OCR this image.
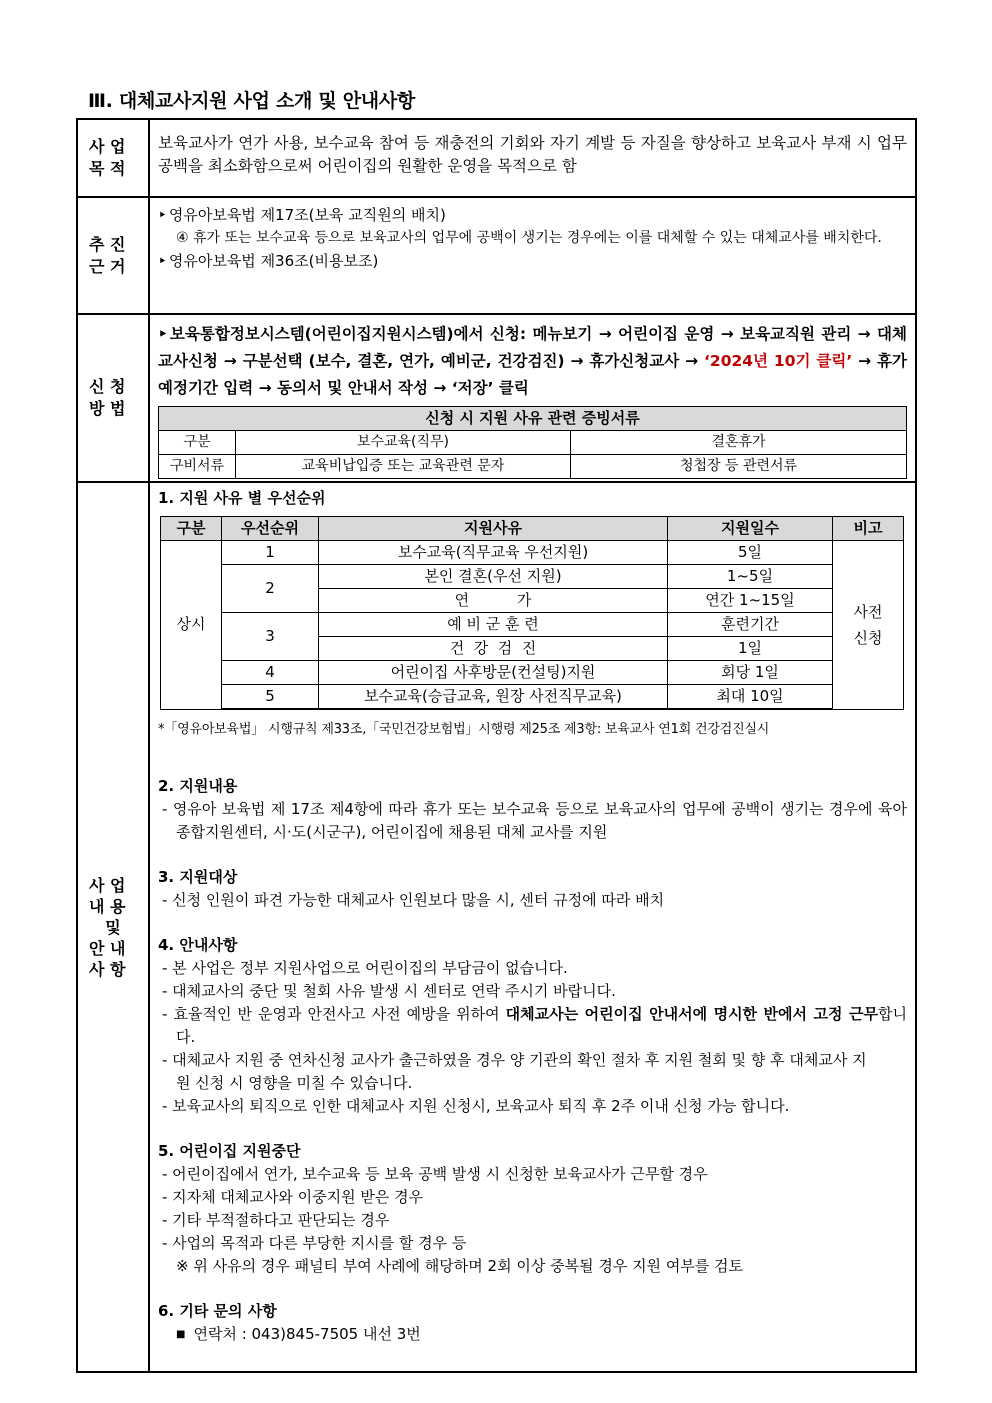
Ⅲ. 대체교사지원 사업 소개 및 안내사항
사 업
목 적

보육교사가 연가 사용, 보수교육 참여 등 재충전의 기회와 자기 계발 등 자질을 향상하고 보육교사 부재 시 업무 공백을 최소화함으로써 어린이집의 원활한 운영을 목적으로 함

추 진
근 거

‣ 영유아보육법 제17조(보육 교직원의 배치)
④ 휴가 또는 보수교육 등으로 보육교사의 업무에 공백이 생기는 경우에는 이를 대체할 수 있는 대체교사를 배치한다.
‣ 영유아보육법 제36조(비용보조)

신 청
방 법

‣ 보육통합정보시스템(어린이집지원시스템)에서 신청: 메뉴보기 → 어린이집 운영 → 보육교직원 관리 → 대체교사신청 → 구분선택 (보수, 결혼, 연가, 예비군, 건강검진) → 휴가신청교사 → ‘2024년 10기 클릭’ → 휴가예정기간 입력 → 동의서 및 안내서 작성 → ‘저장’ 클릭
신청 시 지원 사유 관련 증빙서류
구분	보수교육(직무)	결혼휴가
구비서류	교육비납입증 또는 교육관련 문자	청첩장 등 관련서류

사 업
내 용
및
안 내
사 항

1. 지원 사유 별 우선순위
구분	우선순위	지원사유	지원일수	비고
상시	1	보수교육(직무교육 우선지원)	5일	
사전 신청

2	본인 결혼(우선 지원)	1~5일
연          가	연간 1~15일
3	예 비 군 훈 련	훈련기간
건  강  검  진	1일
4	어린이집 사후방문(컨설팅)지원	회당 1일
5	보수교육(승급교육, 원장 사전직무교육)	최대 10일
*「영유아보육법」 시행규칙 제33조,「국민건강보험법」시행령 제25조 제3항: 보육교사 연1회 건강검진실시
2. 지원내용
- 영유아 보육법 제 17조 제4항에 따라 휴가 또는 보수교육 등으로 보육교사의 업무에 공백이 생기는 경우에 육아종합지원센터, 시·도(시군구), 어린이집에 채용된 대체 교사를 지원
3. 지원대상
- 신청 인원이 파견 가능한 대체교사 인원보다 많을 시, 센터 규정에 따라 배치
4. 안내사항
- 본 사업은 정부 지원사업으로 어린이집의 부담금이 없습니다.
- 대체교사의 중단 및 철회 사유 발생 시 센터로 연락 주시기 바랍니다.
- 효율적인 반 운영과 안전사고 사전 예방을 위하여 대체교사는 어린이집 안내서에 명시한 반에서 고정 근무합니다.
- 대체교사 지원 중 연차신청 교사가 출근하였을 경우 양 기관의 확인 절차 후 지원 철회 및 향 후 대체교사 지원 신청 시 영향을 미칠 수 있습니다.
- 보육교사의 퇴직으로 인한 대체교사 지원 신청시, 보육교사 퇴직 후 2주 이내 신청 가능 합니다.
5. 어린이집 지원중단
- 어린이집에서 연가, 보수교육 등 보육 공백 발생 시 신청한 보육교사가 근무할 경우
- 지자체 대체교사와 이중지원 받은 경우
- 기타 부적절하다고 판단되는 경우
- 사업의 목적과 다른 부당한 지시를 할 경우 등
※ 위 사유의 경우 패널티 부여 사례에 해당하며 2회 이상 중복될 경우 지원 여부를 검토
6. 기타 문의 사항
■ 연락처 : 043)845-7505 내선 3번
